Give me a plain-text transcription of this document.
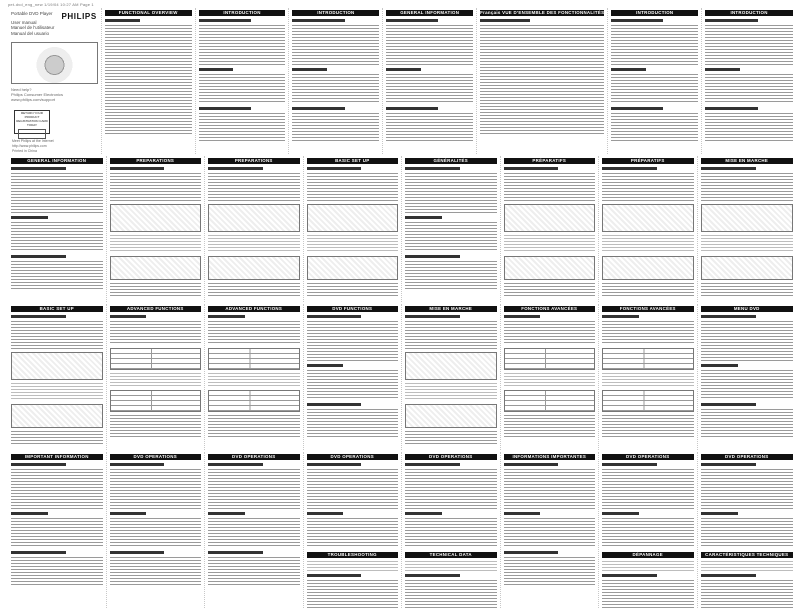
pet-dvd_eng_new 1/19/04 10:27 AM Page 1
Portable DVD Player
User manual
Manuel de l'utilisateur
Manual del usuario
PHILIPS
Need help?
Philips Consumer Electronics
www.philips.com/support
RETURN YOUR PRODUCT REGISTRATION CARD TODAY
Meet Philips at the Internet
http://www.philips.com
Printed in China
FUNCTIONAL OVERVIEW	INTRODUCTION	INTRODUCTION	GENERAL INFORMATION	Français VUE D'ENSEMBLE DES FONCTIONNALITÉS	INTRODUCTION	INTRODUCTION
GENERAL INFORMATION	PREPARATIONS	PREPARATIONS	BASIC SET UP	GÉNÉRALITÉS	PRÉPARATIFS	PRÉPARATIFS	MISE EN MARCHE
BASIC SET UP	ADVANCED FUNCTIONS	ADVANCED FUNCTIONS	DVD FUNCTIONS	MISE EN MARCHE	FONCTIONS AVANCÉES	FONCTIONS AVANCÉES	MENU DVD
IMPORTANT INFORMATION	DVD OPERATIONS	DVD OPERATIONS	DVD OPERATIONS
TROUBLESHOOTING
DVD OPERATIONS
TECHNICAL DATA
INFORMATIONS IMPORTANTES	DVD OPERATIONS
DÉPANNAGE
DVD OPERATIONS
CARACTÉRISTIQUES TECHNIQUES
